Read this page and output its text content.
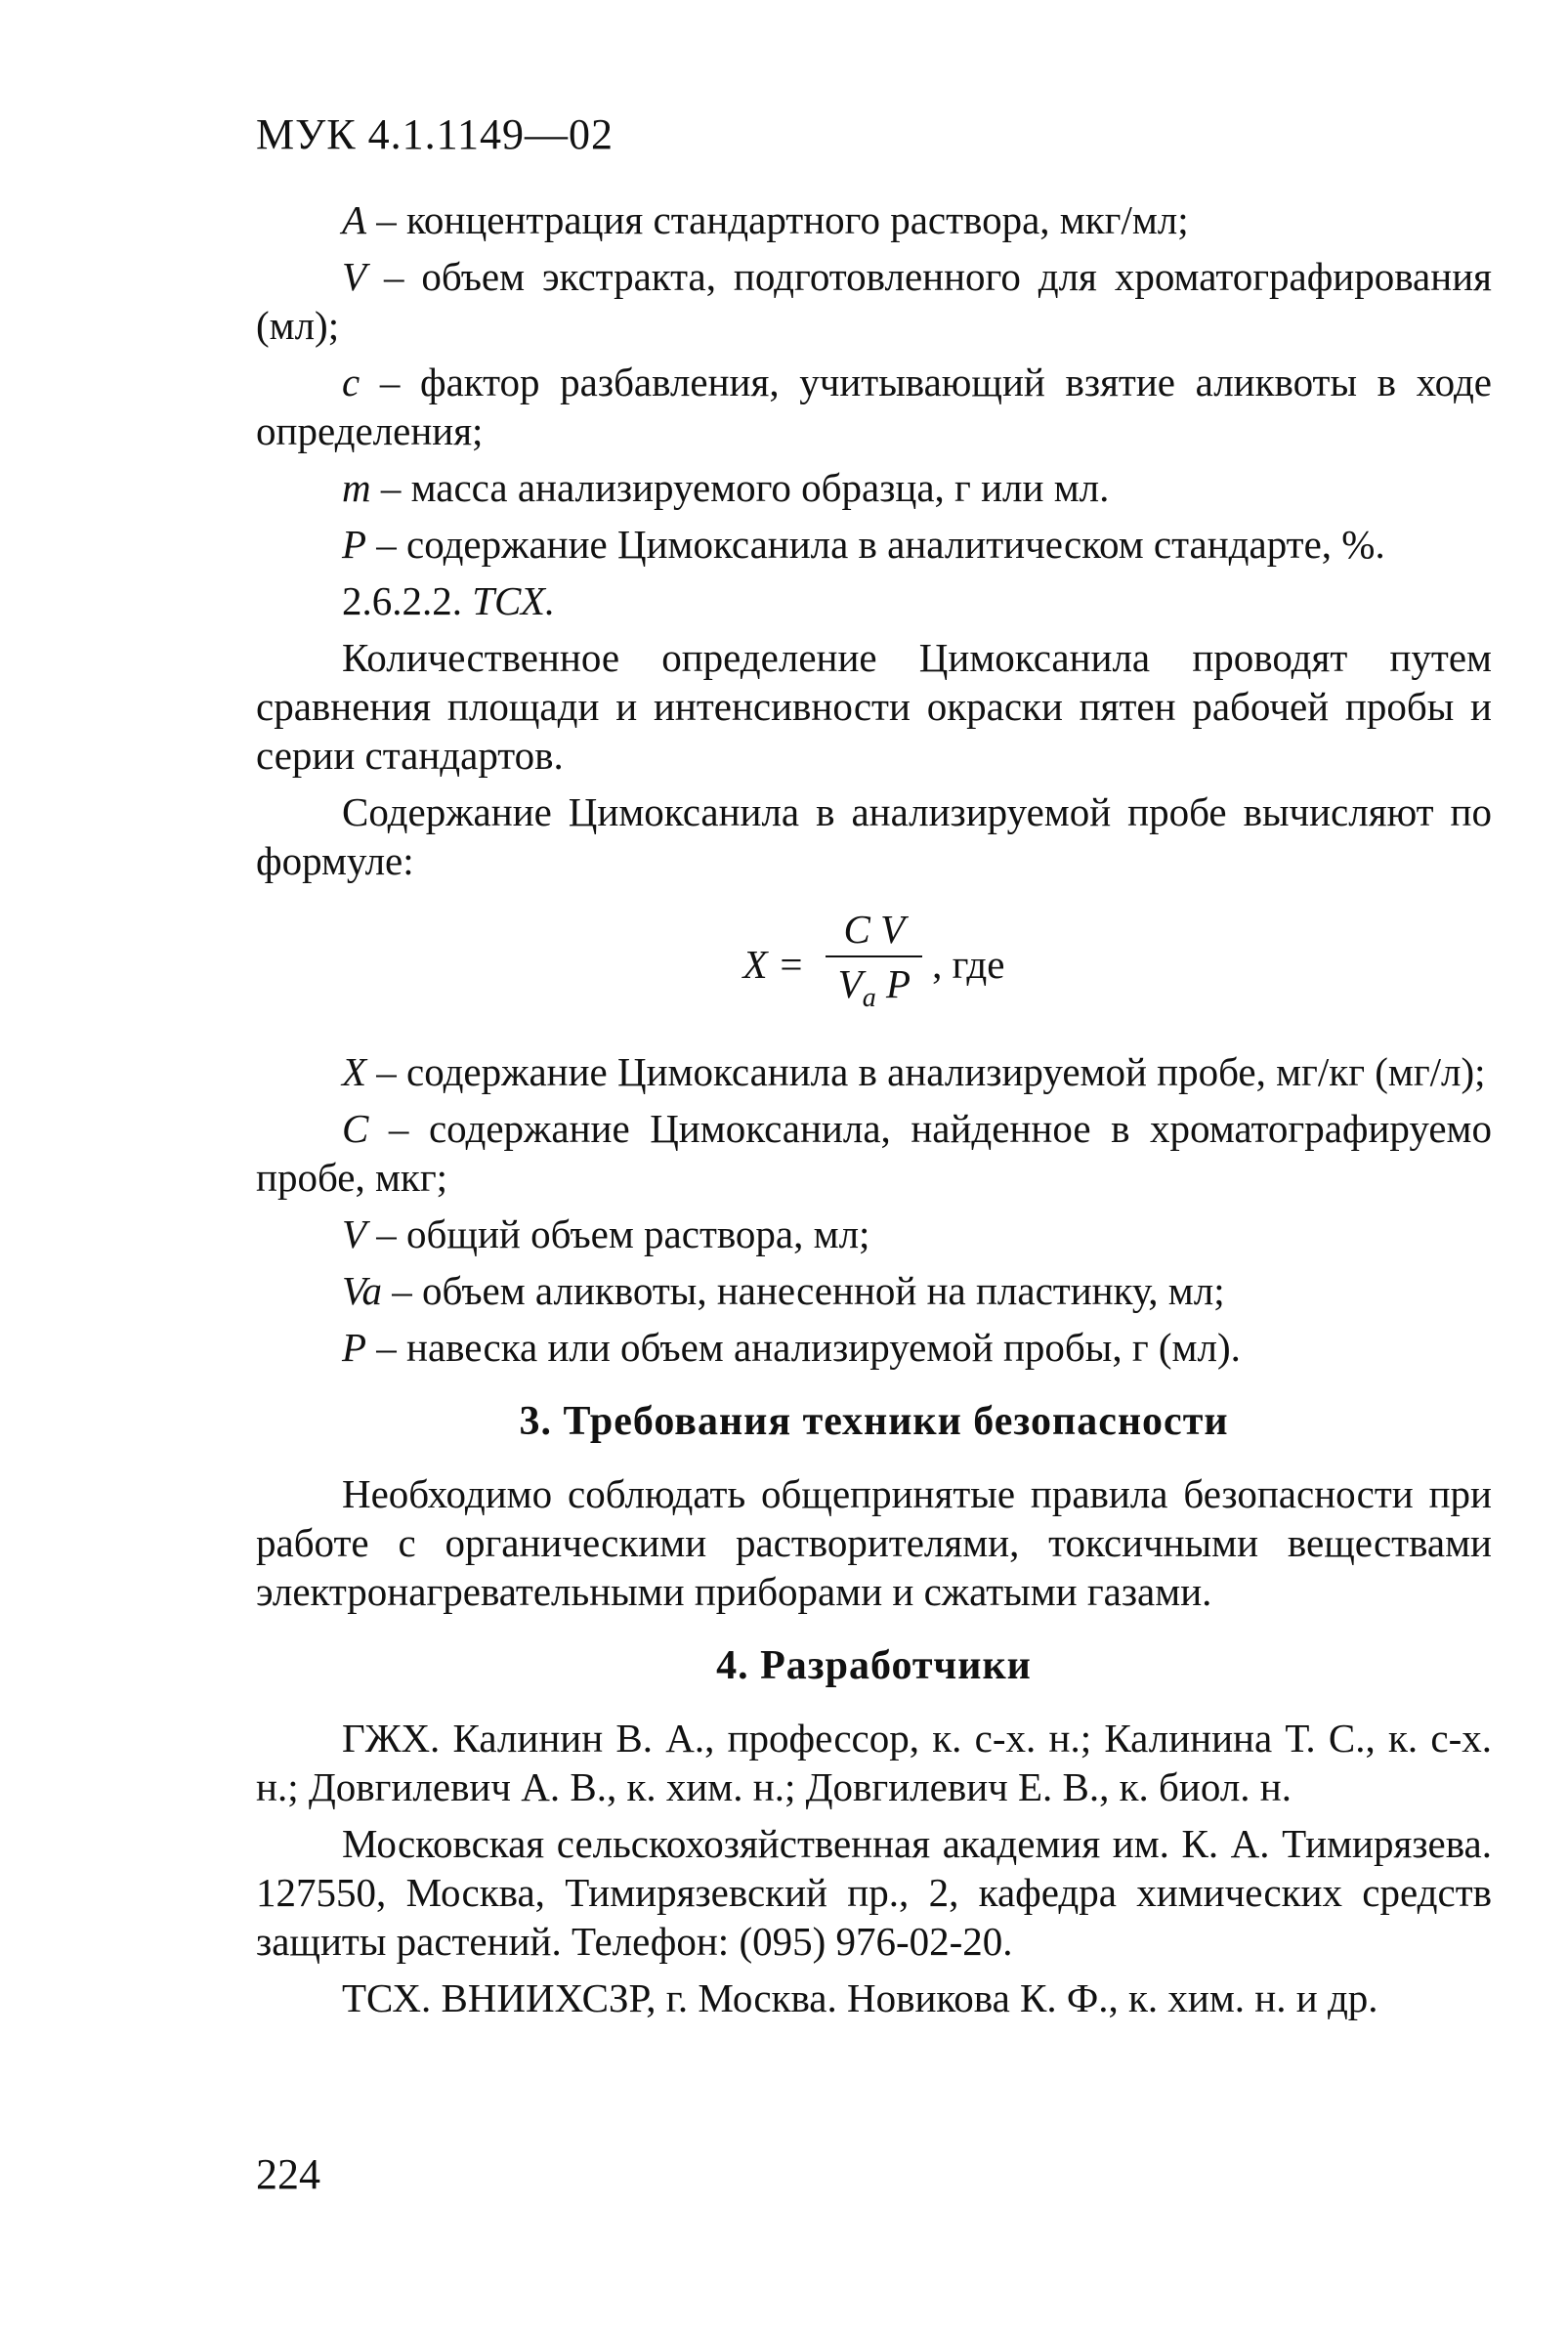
МУК 4.1.1149—02

A – концентрация стандартного раствора, мкг/мл;

V – объем экстракта, подготовленного для хроматографирования (мл);

c – фактор разбавления, учитывающий взятие аликвоты в ходе определения;

m – масса анализируемого образца, г или мл.

P – содержание Цимоксанила в аналитическом стандарте, %.

2.6.2.2. ТСХ.

Количественное определение Цимоксанила проводят путем сравнения площади и интенсивности окраски пятен рабочей пробы и серии стандартов.

Содержание Цимоксанила в анализируемой пробе вычисляют по формуле:

$X = \frac{\text{C V}}{V_a P}$ , где

X – содержание Цимоксанила в анализируемой пробе, мг/кг (мг/л);

C – содержание Цимоксанила, найденное в хроматографируемо пробе, мкг;

V – общий объем раствора, мл;

Va – объем аликвоты, нанесенной на пластинку, мл;

P – навеска или объем анализируемой пробы, г (мл).

3. Требования техники безопасности

Необходимо соблюдать общепринятые правила безопасности при работе с органическими растворителями, токсичными веществами электронагревательными приборами и сжатыми газами.

4. Разработчики

ГЖХ. Калинин В. А., профессор, к. с-х. н.; Калинина Т. С., к. с-х. н.; Довгилевич А. В., к. хим. н.; Довгилевич Е. В., к. биол. н.

Московская сельскохозяйственная академия им. К. А. Тимирязева. 127550, Москва, Тимирязевский пр., 2, кафедра химических средств защиты растений. Телефон: (095) 976-02-20.

ТСХ. ВНИИХСЗР, г. Москва. Новикова К. Ф., к. хим. н. и др.

224
